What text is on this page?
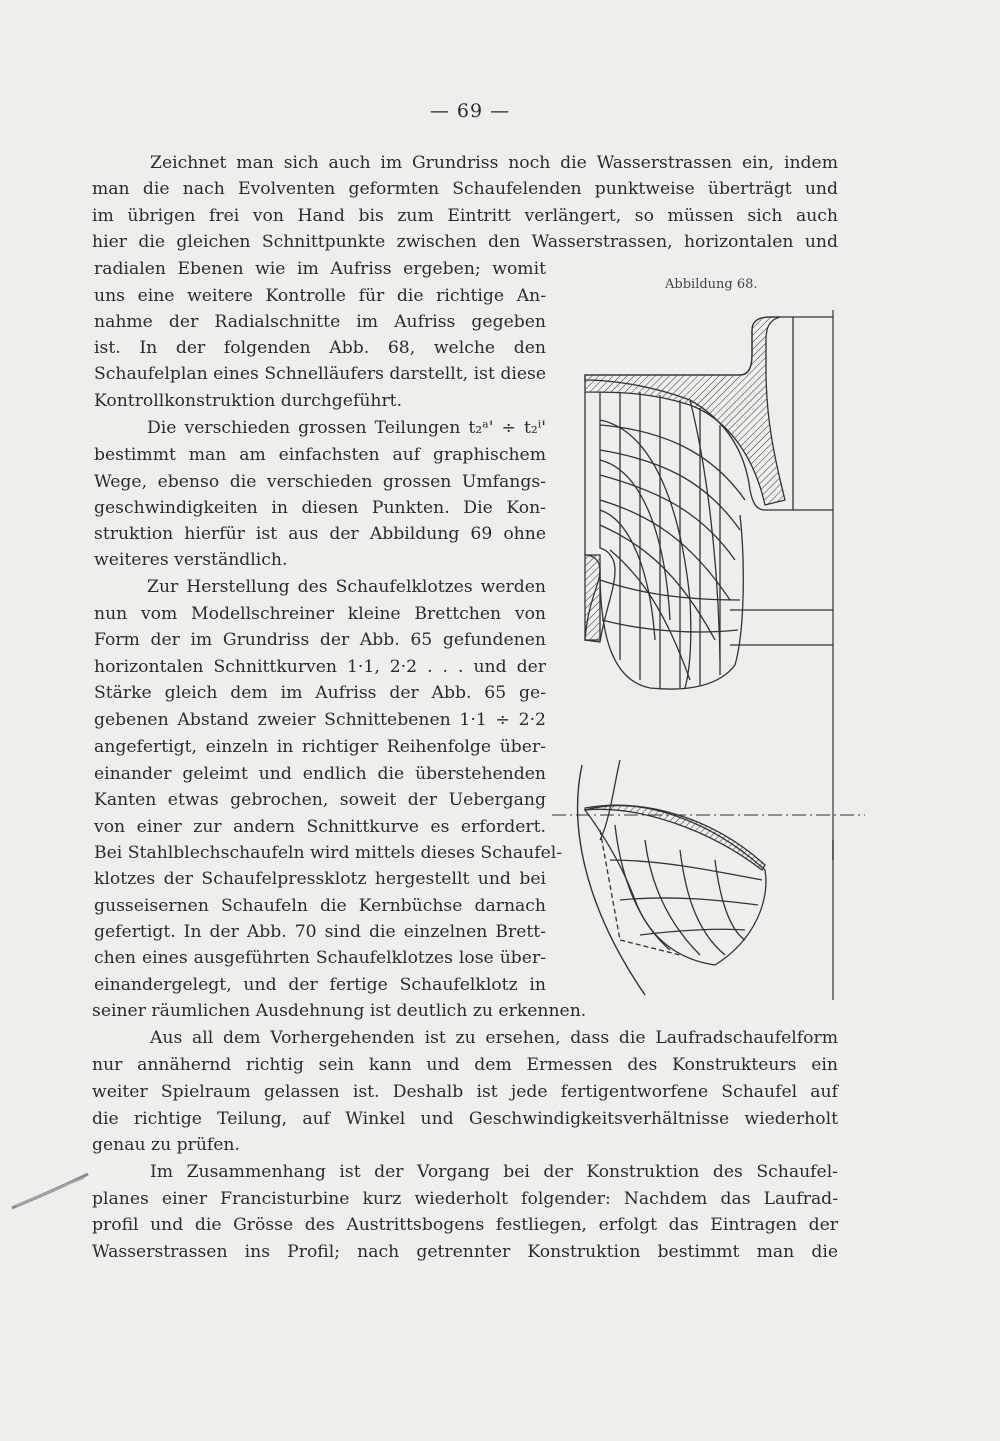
— 69 —
Zeichnet man sich auch im Grundriss noch die Wasserstrassen ein, indem
man die nach Evolventen geformten Schaufelenden punktweise überträgt und
im übrigen frei von Hand bis zum Eintritt verlängert, so müssen sich auch
hier die gleichen Schnittpunkte zwischen den Wasserstrassen, horizontalen und
radialen Ebenen wie im Aufriss ergeben; womit
uns eine weitere Kontrolle für die richtige An-
nahme der Radialschnitte im Aufriss gegeben
ist. In der folgenden Abb. 68, welche den
Schaufelplan eines Schnelläufers darstellt, ist diese
Kontrollkonstruktion durchgeführt.
Die verschieden grossen Teilungen t₂ᵃ' ÷ t₂ⁱ'
bestimmt man am einfachsten auf graphischem
Wege, ebenso die verschieden grossen Umfangs-
geschwindigkeiten in diesen Punkten. Die Kon-
struktion hierfür ist aus der Abbildung 69 ohne
weiteres verständlich.
Zur Herstellung des Schaufelklotzes werden
nun vom Modellschreiner kleine Brettchen von
Form der im Grundriss der Abb. 65 gefundenen
horizontalen Schnittkurven 1·1, 2·2 . . . und der
Stärke gleich dem im Aufriss der Abb. 65 ge-
gebenen Abstand zweier Schnittebenen 1·1 ÷ 2·2
angefertigt, einzeln in richtiger Reihenfolge über-
einander geleimt und endlich die überstehenden
Kanten etwas gebrochen, soweit der Uebergang
von einer zur andern Schnittkurve es erfordert.
Bei Stahlblechschaufeln wird mittels dieses Schaufel-
klotzes der Schaufelpressklotz hergestellt und bei
gusseisernen Schaufeln die Kernbüchse darnach
gefertigt. In der Abb. 70 sind die einzelnen Brett-
chen eines ausgeführten Schaufelklotzes lose über-
einandergelegt, und der fertige Schaufelklotz in
seiner räumlichen Ausdehnung ist deutlich zu erkennen.
Aus all dem Vorhergehenden ist zu ersehen, dass die Laufradschaufelform
nur annähernd richtig sein kann und dem Ermessen des Konstrukteurs ein
weiter Spielraum gelassen ist. Deshalb ist jede fertigentworfene Schaufel auf
die richtige Teilung, auf Winkel und Geschwindigkeitsverhältnisse wiederholt
genau zu prüfen.
Im Zusammenhang ist der Vorgang bei der Konstruktion des Schaufel-
planes einer Francisturbine kurz wiederholt folgender: Nachdem das Laufrad-
profil und die Grösse des Austrittsbogens festliegen, erfolgt das Eintragen der
Wasserstrassen ins Profil; nach getrennter Konstruktion bestimmt man die
Abbildung 68.
